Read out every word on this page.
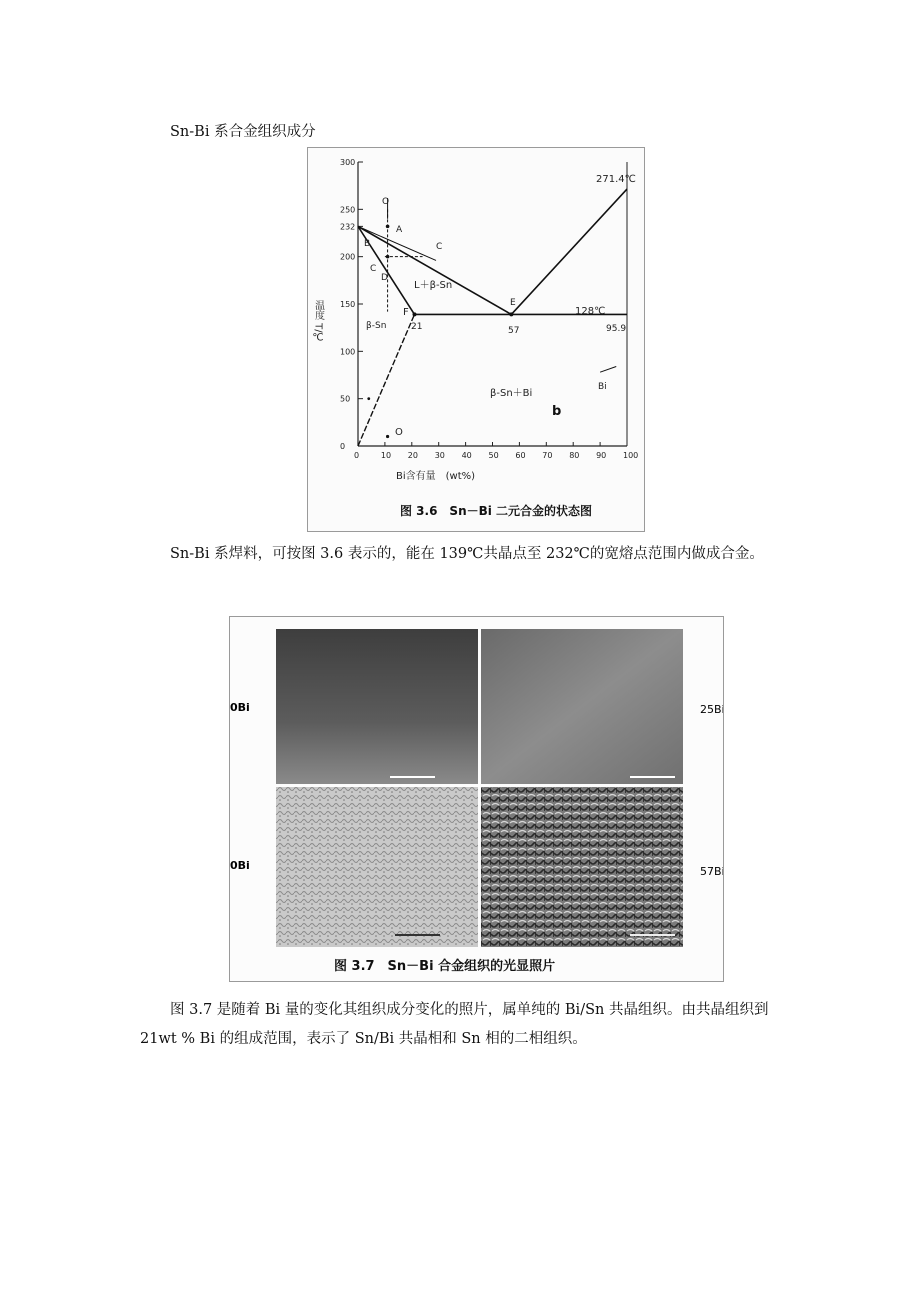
Sn-Bi 系合金组织成分

0	10 20 30 40 50 60 70 80 90 100
300
250
232
200
150
100
50
0
温度 T/℃
Bi含有量　(wt%)
271.4℃
128℃
21	57	95.9
E
F
O
A
B	C
C
D
L＋β-Sn
β-Sn
β-Sn＋Bi
Bi
O
b
图 3.6　Sn－Bi 二元合金的状态图

Sn-Bi 系焊料，可按图 3.6 表示的，能在 139℃共晶点至 232℃的宽熔点范围内做成合金。

0Bi	25Bi
0Bi	57Bi
图 3.7　Sn－Bi 合金组织的光显照片

图 3.7 是随着 Bi 量的变化其组织成分变化的照片，属单纯的 Bi/Sn 共晶组织。由共晶组织到 21wt % Bi 的组成范围，表示了 Sn/Bi 共晶相和 Sn 相的二相组织。
